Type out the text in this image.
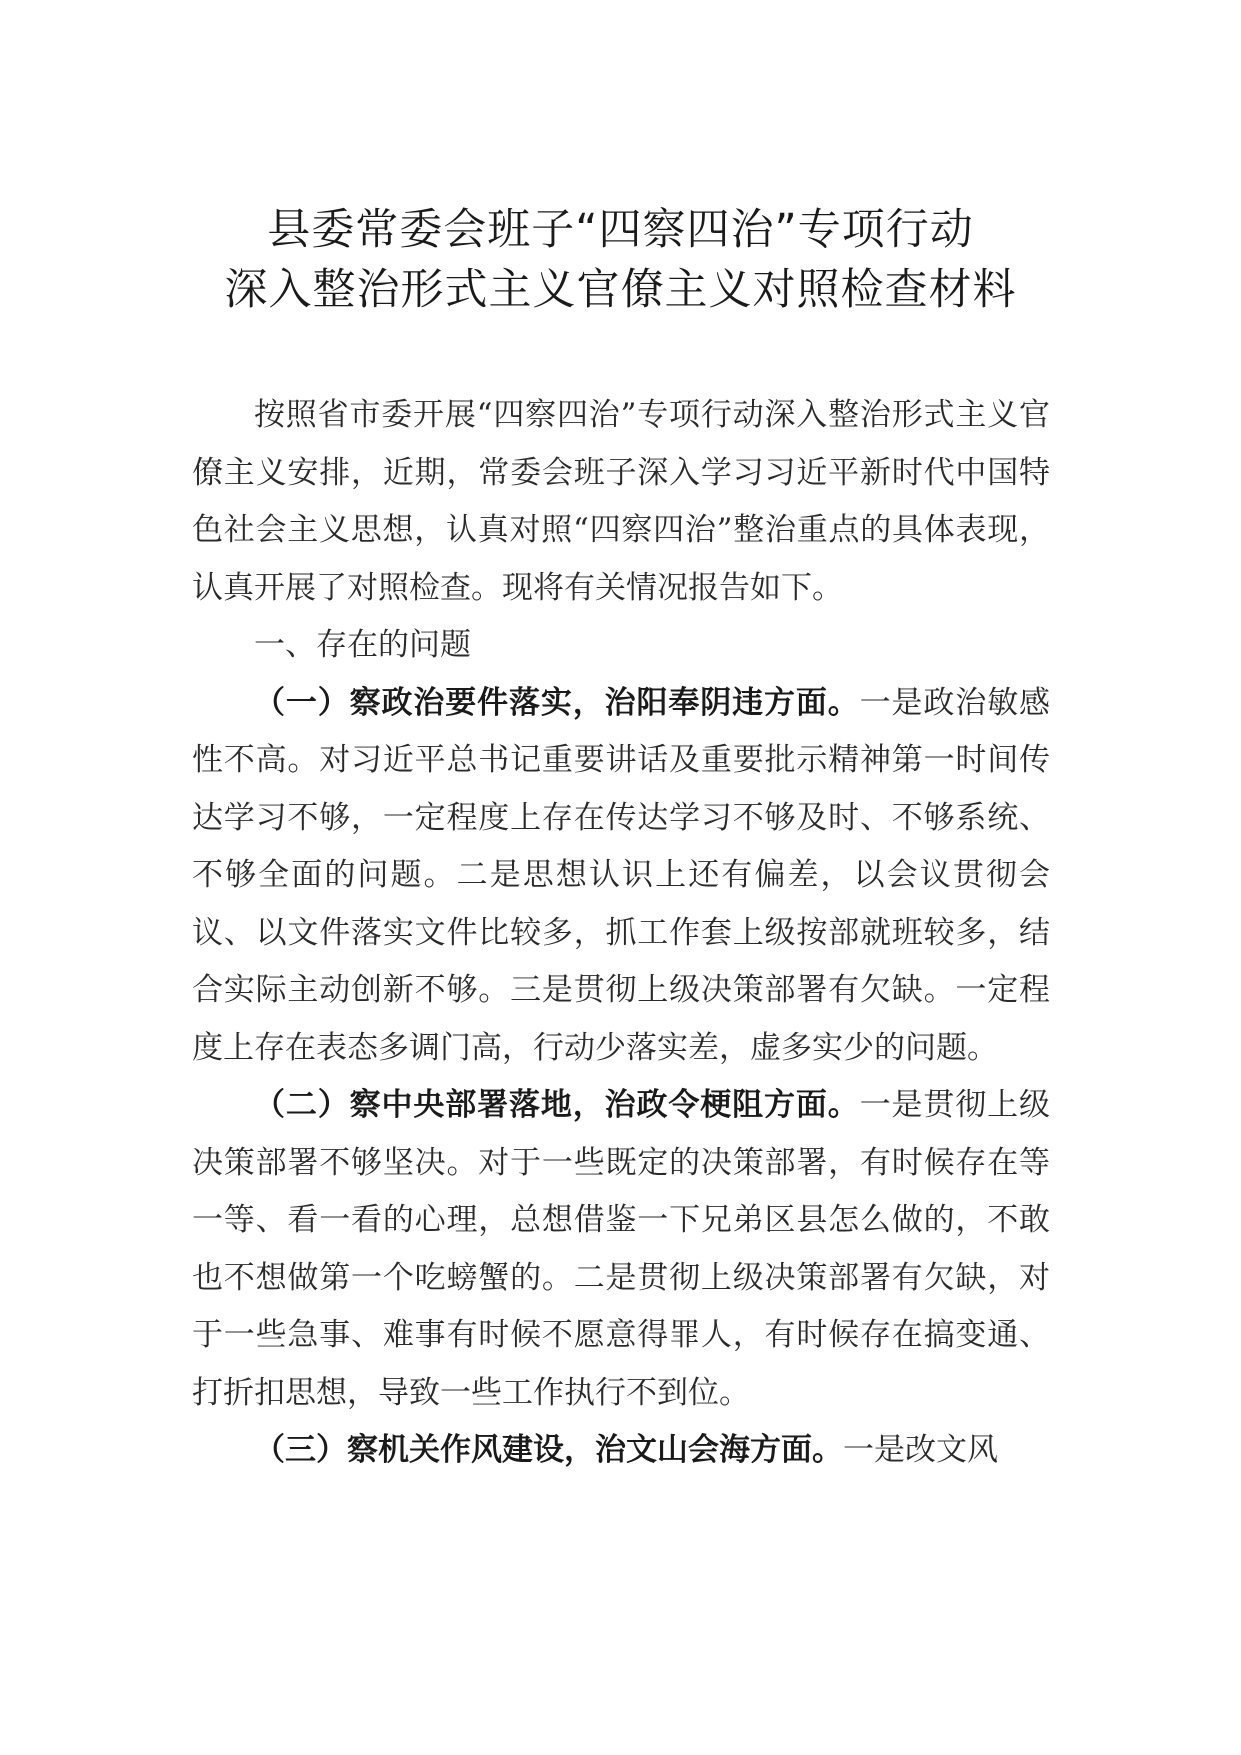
县委常委会班子“四察四治”专项行动
深入整治形式主义官僚主义对照检查材料

按照省市委开展“四察四治”专项行动深入整治形式主义官僚主义安排，近期，常委会班子深入学习习近平新时代中国特色社会主义思想，认真对照“四察四治”整治重点的具体表现，认真开展了对照检查。现将有关情况报告如下。

一、存在的问题

（一）察政治要件落实，治阳奉阴违方面。一是政治敏感性不高。对习近平总书记重要讲话及重要批示精神第一时间传达学习不够，一定程度上存在传达学习不够及时、不够系统、不够全面的问题。二是思想认识上还有偏差，以会议贯彻会议、以文件落实文件比较多，抓工作套上级按部就班较多，结合实际主动创新不够。三是贯彻上级决策部署有欠缺。一定程度上存在表态多调门高，行动少落实差，虚多实少的问题。

（二）察中央部署落地，治政令梗阻方面。一是贯彻上级决策部署不够坚决。对于一些既定的决策部署，有时候存在等一等、看一看的心理，总想借鉴一下兄弟区县怎么做的，不敢也不想做第一个吃螃蟹的。二是贯彻上级决策部署有欠缺，对于一些急事、难事有时候不愿意得罪人，有时候存在搞变通、打折扣思想，导致一些工作执行不到位。

（三）察机关作风建设，治文山会海方面。一是改文风
